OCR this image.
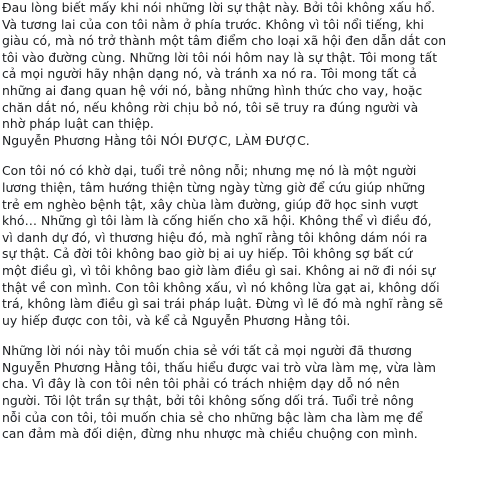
Đau lòng biết mấy khi nói những lời sự thật này. Bởi tôi không xấu hổ.
Và tương lai của con tôi nằm ở phía trước. Không vì tôi nổi tiếng, khi
giàu có, mà nó trở thành một tâm điểm cho loại xã hội đen dẫn dắt con
tôi vào đường cùng. Những lời tôi nói hôm nay là sự thật. Tôi mong tất
cả mọi người hãy nhận dạng nó, và tránh xa nó ra. Tôi mong tất cả
những ai đang quan hệ với nó, bằng những hình thức cho vay, hoặc
chăn dắt nó, nếu không rời chịu bỏ nó, tôi sẽ truy ra đúng người và
nhờ pháp luật can thiệp.
Nguyễn Phương Hằng tôi NÓI ĐƯỢC, LÀM ĐƯỢC.
Con tôi nó có khờ dại, tuổi trẻ nông nỗi; nhưng mẹ nó là một người
lương thiện, tâm hướng thiện từng ngày từng giờ để cứu giúp những
trẻ em nghèo bệnh tật, xây chùa làm đường, giúp đỡ học sinh vượt
khó… Những gì tôi làm là cống hiến cho xã hội. Không thể vì điều đó,
vì danh dự đó, vì thương hiệu đó, mà nghĩ rằng tôi không dám nói ra
sự thật. Cả đời tôi không bao giờ bị ai uy hiếp. Tôi không sợ bất cứ
một điều gì, vì tôi không bao giờ làm điều gì sai. Không ai nỡ đi nói sự
thật về con mình. Con tôi không xấu, vì nó không lừa gạt ai, không dối
trá, không làm điều gì sai trái pháp luật. Đừng vì lẽ đó mà nghĩ rằng sẽ
uy hiếp được con tôi, và kể cả Nguyễn Phương Hằng tôi.
Những lời nói này tôi muốn chia sẻ với tất cả mọi người đã thương
Nguyễn Phương Hằng tôi, thấu hiểu được vai trò vừa làm mẹ, vừa làm
cha. Vì đây là con tôi nên tôi phải có trách nhiệm dạy dỗ nó nên
người. Tôi lột trần sự thật, bởi tôi không sống dối trá. Tuổi trẻ nông
nỗi của con tôi, tôi muốn chia sẻ cho những bậc làm cha làm mẹ để
can đảm mà đối diện, đừng nhu nhược mà chiều chuộng con mình.
